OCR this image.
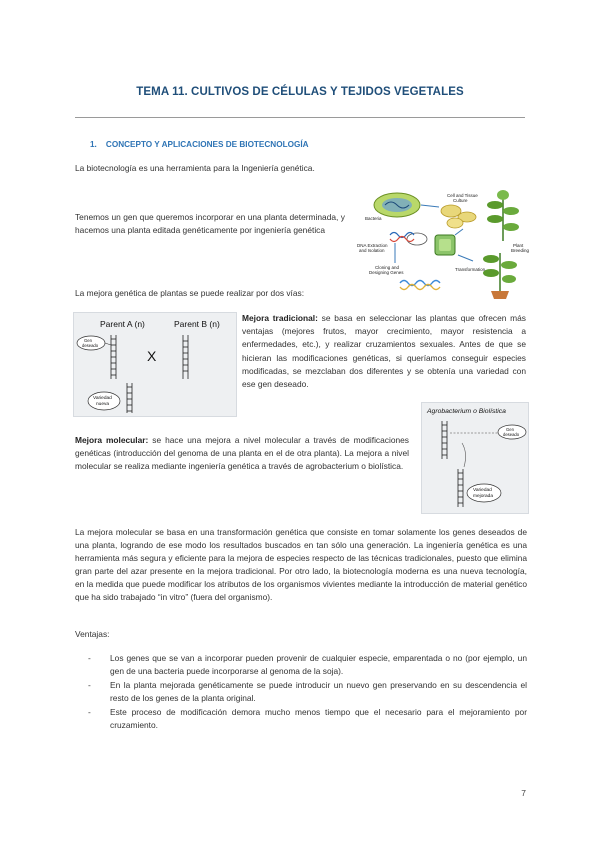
TEMA 11. CULTIVOS DE CÉLULAS Y TEJIDOS VEGETALES
1.    CONCEPTO Y APLICACIONES DE BIOTECNOLOGÍA
La biotecnología es una herramienta para la Ingeniería genética.
Tenemos un gen que queremos incorporar en una planta determinada, y hacemos una planta editada genéticamente por ingeniería genética
Bacteria
Cell and Tissue
Culture
Plant
Breeding
DNA Extraction
and Isolation
Cloning and
Designing Genes
Transformation
La mejora genética de plantas se puede realizar por dos vías:
Parent A (n)	Parent B (n)
Gen
deseado
X
Variedad
nueva
Mejora tradicional: se basa en seleccionar las plantas que ofrecen más ventajas (mejores frutos, mayor crecimiento, mayor resistencia a enfermedades, etc.), y realizar cruzamientos sexuales. Antes de que se hicieran las modificaciones genéticas, si queríamos conseguir especies modificadas, se mezclaban dos diferentes y se obtenía una variedad con ese gen deseado.
Agrobacterium o Biolística
Gen
deseado
Variedad
mejorada
Mejora molecular: se hace una mejora a nivel molecular a través de modificaciones genéticas (introducción del genoma de una planta en el de otra planta). La mejora a nivel molecular se realiza mediante ingeniería genética a través de agrobacterium o biolística.
La mejora molecular se basa en una transformación genética que consiste en tomar solamente los genes deseados de una planta, logrando de ese modo los resultados buscados en tan sólo una generación. La ingeniería genética es una herramienta más segura y eficiente para la mejora de especies respecto de las técnicas tradicionales, puesto que elimina gran parte del azar presente en la mejora tradicional. Por otro lado, la biotecnología moderna es una nueva tecnología, en la medida que puede modificar los atributos de los organismos vivientes mediante la introducción de material genético que ha sido trabajado “in vitro” (fuera del organismo).
Ventajas:
- Los genes que se van a incorporar pueden provenir de cualquier especie, emparentada o no (por ejemplo, un gen de una bacteria puede incorporarse al genoma de la soja).
- En la planta mejorada genéticamente se puede introducir un nuevo gen preservando en su descendencia el resto de los genes de la planta original.
- Este proceso de modificación demora mucho menos tiempo que el necesario para el mejoramiento por cruzamiento.
7
